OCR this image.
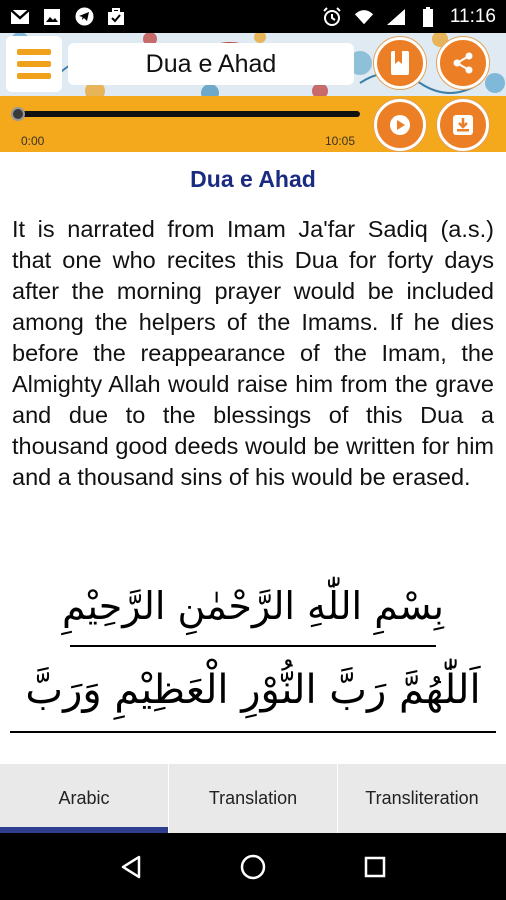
11:16
Dua e Ahad
0:00	10:05
Dua e Ahad

It is narrated from Imam Ja'far Sadiq (a.s.) that one who recites this Dua for forty days after the morning prayer would be included among the helpers of the Imams. If he dies before the reappearance of the Imam, the Almighty Allah would raise him from the grave and due to the blessings of this Dua a thousand good deeds would be written for him and a thousand sins of his would be erased.

بِسْمِ اللّٰهِ الرَّحْمٰنِ الرَّحِيْمِ
اَللّٰهُمَّ رَبَّ النُّوْرِ الْعَظِيْمِ وَرَبَّ
Arabic	Translation	Transliteration
